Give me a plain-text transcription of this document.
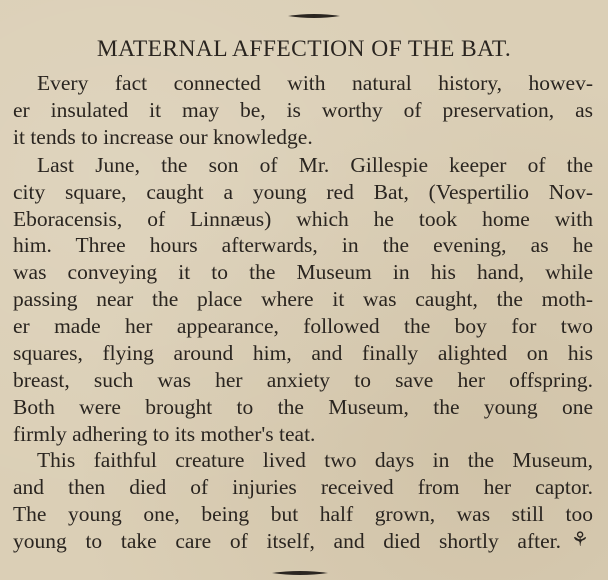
MATERNAL AFFECTION OF THE BAT.
Every fact connected with natural history, howev-
er insulated it may be, is worthy of preservation, as
it tends to increase our knowledge.
Last June, the son of Mr. Gillespie keeper of the
city square, caught a young red Bat, (Vespertilio Nov-
Eboracensis, of Linnæus) which he took home with
him. Three hours afterwards, in the evening, as he
was conveying it to the Museum in his hand, while
passing near the place where it was caught, the moth-
er made her appearance, followed the boy for two
squares, flying around him, and finally alighted on his
breast, such was her anxiety to save her offspring.
Both were brought to the Museum, the young one
firmly adhering to its mother's teat.
This faithful creature lived two days in the Museum,
and then died of injuries received from her captor.
The young one, being but half grown, was still too
young to take care of itself, and died shortly after. ⚘
